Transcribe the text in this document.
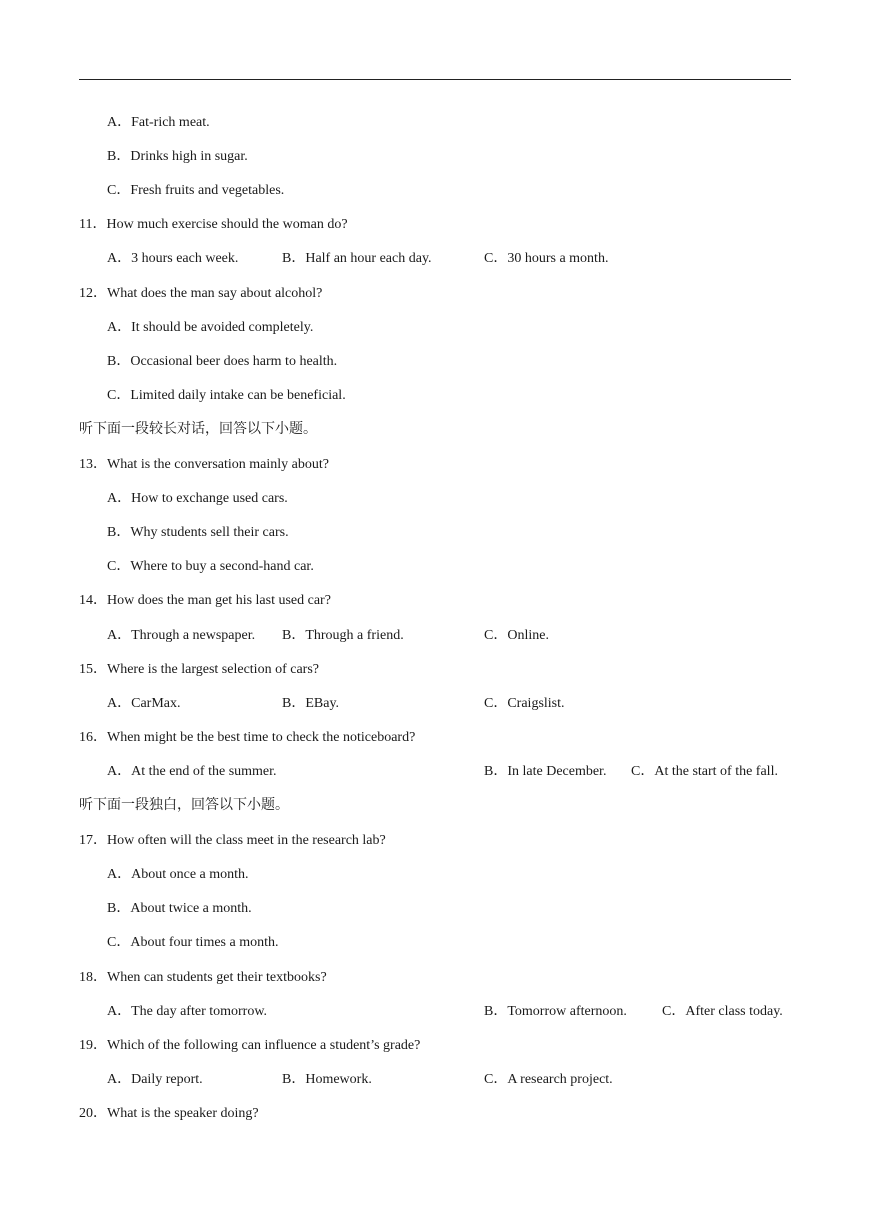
A．Fat-rich meat.
B．Drinks high in sugar.
C．Fresh fruits and vegetables.
11．How much exercise should the woman do?
A．3 hours each week.	B．Half an hour each day.	C．30 hours a month.
12．What does the man say about alcohol?
A．It should be avoided completely.
B．Occasional beer does harm to health.
C．Limited daily intake can be beneficial.
听下面一段较长对话，回答以下小题。
13．What is the conversation mainly about?
A．How to exchange used cars.
B．Why students sell their cars.
C．Where to buy a second-hand car.
14．How does the man get his last used car?
A．Through a newspaper. B．Through a friend.	C．Online.
15．Where is the largest selection of cars?
A．CarMax.	B．EBay.	C．Craigslist.
16．When might be the best time to check the noticeboard?
A．At the end of the summer.	B．In late December. C．At the start of the fall.
听下面一段独白，回答以下小题。
17．How often will the class meet in the research lab?
A．About once a month.
B．About twice a month.
C．About four times a month.
18．When can students get their textbooks?
A．The day after tomorrow.	B．Tomorrow afternoon.	C．After class today.
19．Which of the following can influence a student’s grade?
A．Daily report.	B．Homework.	C．A research project.
20．What is the speaker doing?
